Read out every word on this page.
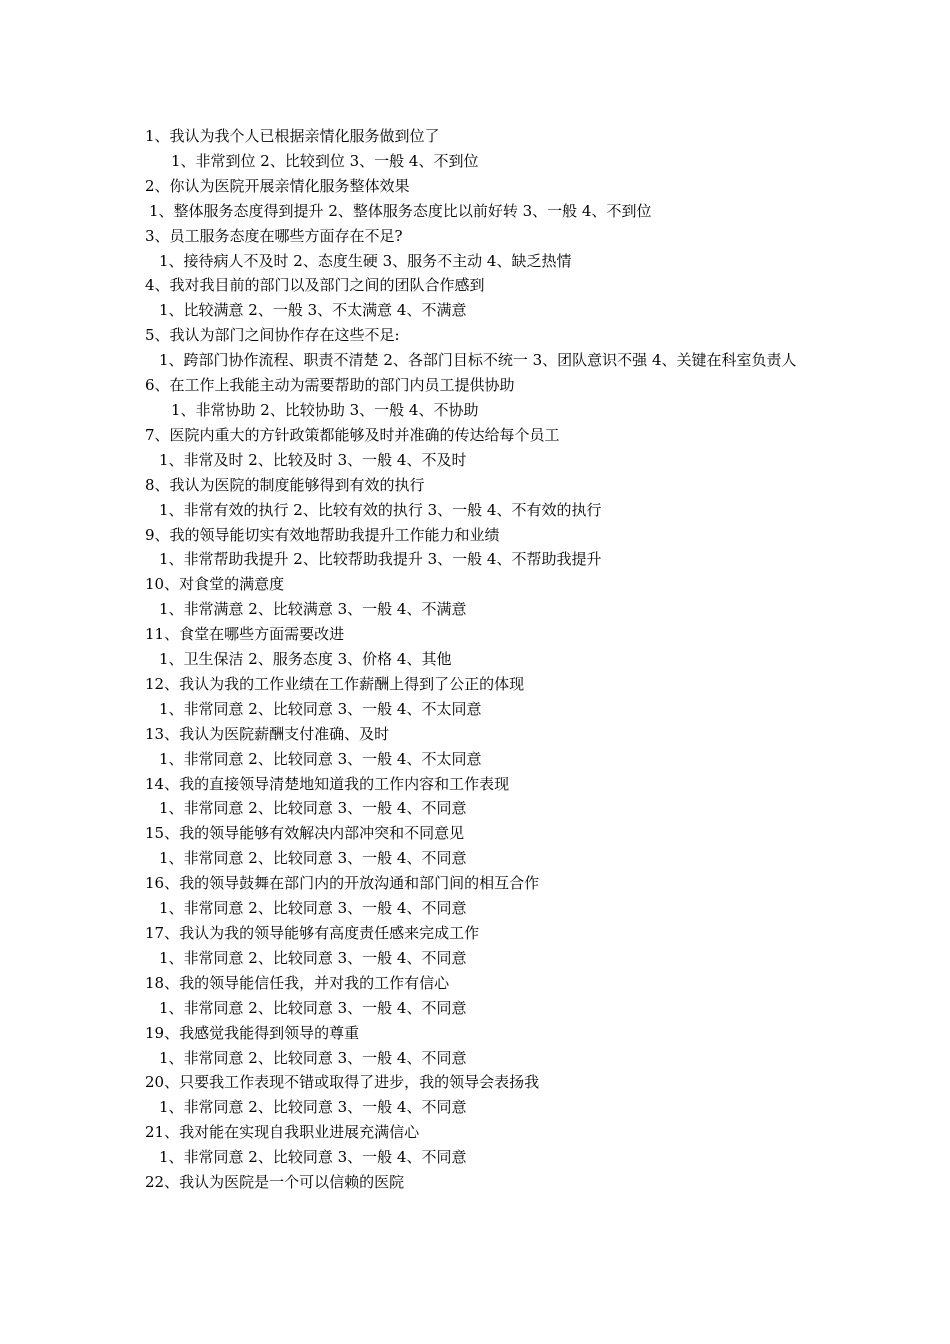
1、我认为我个人已根据亲情化服务做到位了
1、非常到位 2、比较到位 3、一般 4、不到位
2、你认为医院开展亲情化服务整体效果
1、整体服务态度得到提升 2、整体服务态度比以前好转 3、一般 4、不到位
3、员工服务态度在哪些方面存在不足?
1、接待病人不及时 2、态度生硬 3、服务不主动 4、缺乏热情
4、我对我目前的部门以及部门之间的团队合作感到
1、比较满意 2、一般 3、不太满意 4、不满意
5、我认为部门之间协作存在这些不足:
1、跨部门协作流程、职责不清楚 2、各部门目标不统一 3、团队意识不强 4、关键在科室负责人
6、在工作上我能主动为需要帮助的部门内员工提供协助
1、非常协助 2、比较协助 3、一般 4、不协助
7、医院内重大的方针政策都能够及时并准确的传达给每个员工
1、非常及时 2、比较及时 3、一般 4、不及时
8、我认为医院的制度能够得到有效的执行
1、非常有效的执行 2、比较有效的执行 3、一般 4、不有效的执行
9、我的领导能切实有效地帮助我提升工作能力和业绩
1、非常帮助我提升 2、比较帮助我提升 3、一般 4、不帮助我提升
10、对食堂的满意度
1、非常满意 2、比较满意 3、一般 4、不满意
11、食堂在哪些方面需要改进
1、卫生保洁 2、服务态度 3、价格 4、其他
12、我认为我的工作业绩在工作薪酬上得到了公正的体现
1、非常同意 2、比较同意 3、一般 4、不太同意
13、我认为医院薪酬支付准确、及时
1、非常同意 2、比较同意 3、一般 4、不太同意
14、我的直接领导清楚地知道我的工作内容和工作表现
1、非常同意 2、比较同意 3、一般 4、不同意
15、我的领导能够有效解决内部冲突和不同意见
1、非常同意 2、比较同意 3、一般 4、不同意
16、我的领导鼓舞在部门内的开放沟通和部门间的相互合作
1、非常同意 2、比较同意 3、一般 4、不同意
17、我认为我的领导能够有高度责任感来完成工作
1、非常同意 2、比较同意 3、一般 4、不同意
18、我的领导能信任我，并对我的工作有信心
1、非常同意 2、比较同意 3、一般 4、不同意
19、我感觉我能得到领导的尊重
1、非常同意 2、比较同意 3、一般 4、不同意
20、只要我工作表现不错或取得了进步，我的领导会表扬我
1、非常同意 2、比较同意 3、一般 4、不同意
21、我对能在实现自我职业进展充满信心
1、非常同意 2、比较同意 3、一般 4、不同意
22、我认为医院是一个可以信赖的医院
